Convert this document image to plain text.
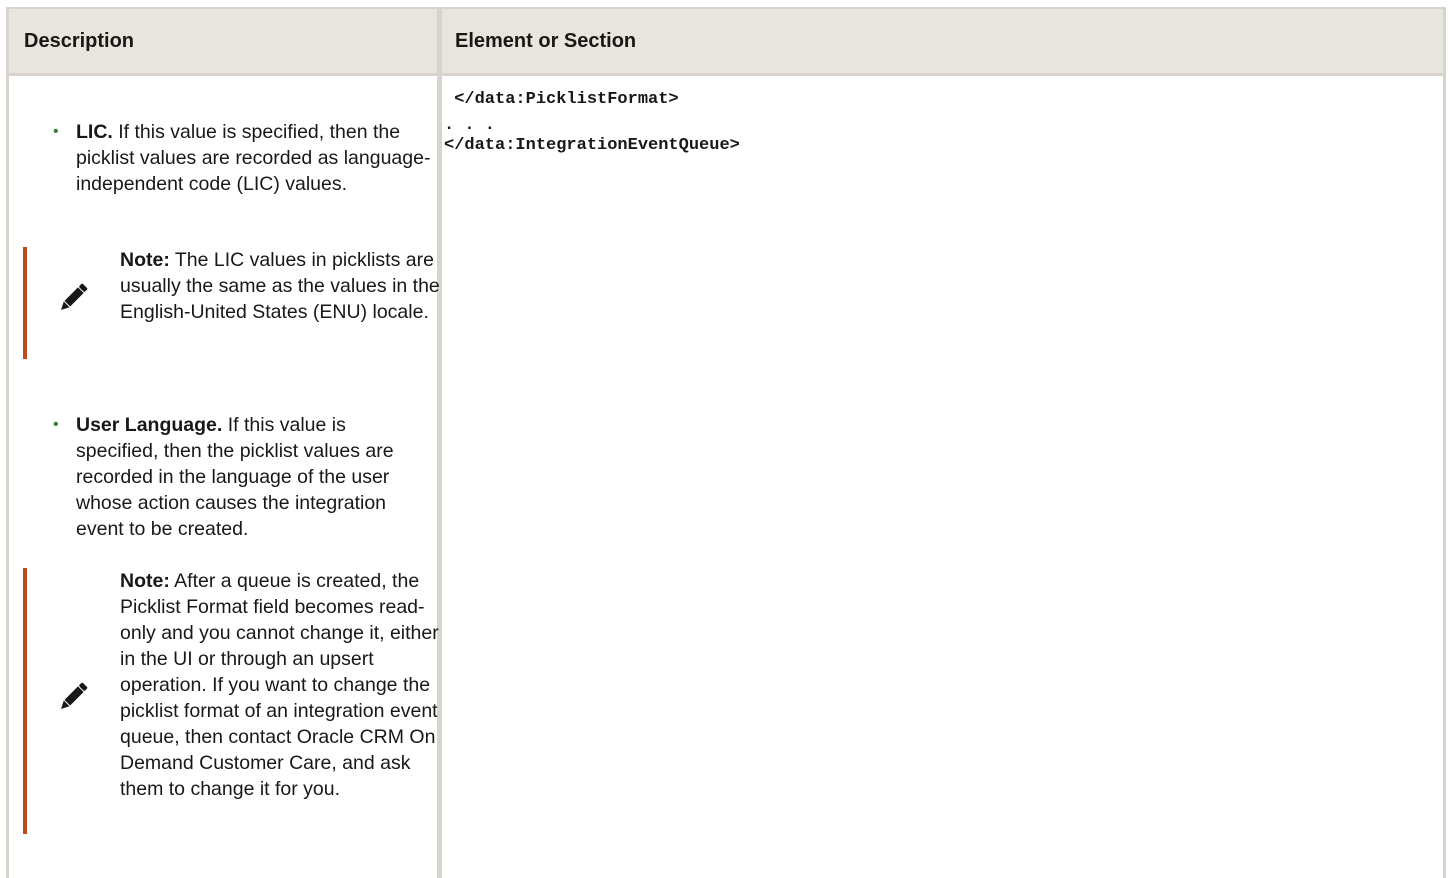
Description	Element or Section
• LIC. If this value is specified, then the picklist values are recorded as language-independent code (LIC) values.
Note: The LIC values in picklists are usually the same as the values in the English-United States (ENU) locale.
• User Language. If this value is specified, then the picklist values are recorded in the language of the user whose action causes the integration event to be created.
Note: After a queue is created, the Picklist Format field becomes read-only and you cannot change it, either in the UI or through an upsert operation. If you want to change the picklist format of an integration event queue, then contact Oracle CRM On Demand Customer Care, and ask them to change it for you.
</data:PicklistFormat>
. . .
</data:IntegrationEventQueue>
